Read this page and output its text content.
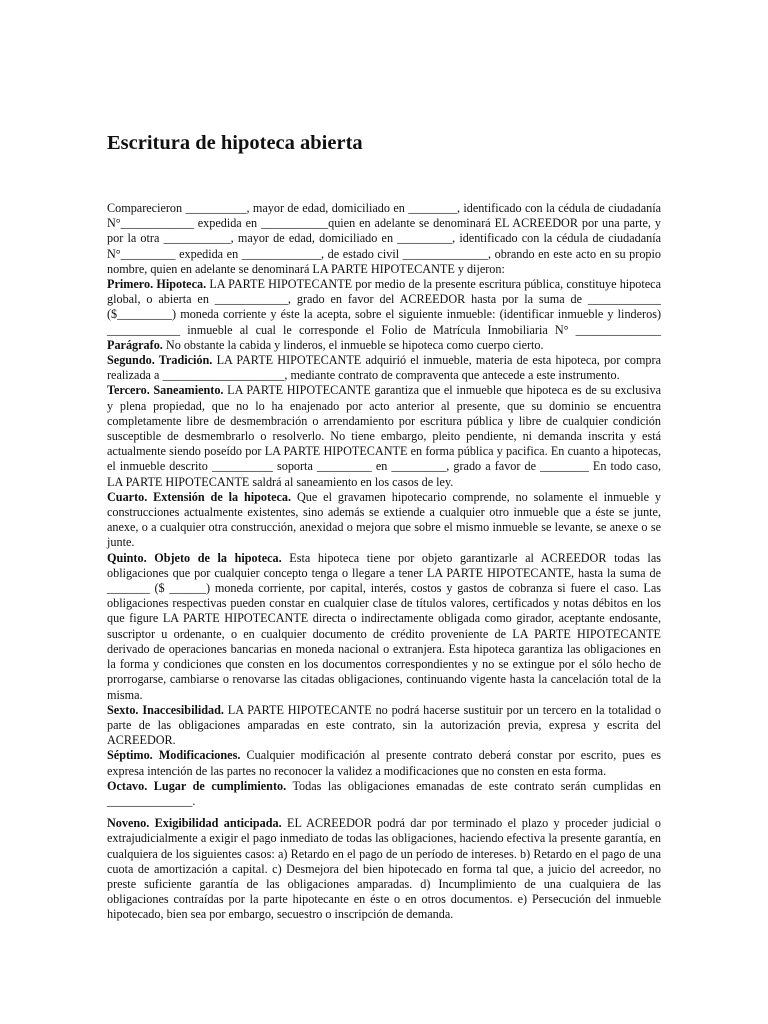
Escritura de hipoteca abierta

Comparecieron __________, mayor de edad, domiciliado en ________, identificado con la cédula de ciudadanía N°____________ expedida en ___________quien en adelante se denominará EL ACREEDOR por una parte, y por la otra ___________, mayor de edad, domiciliado en _________, identificado con la cédula de ciudadanía N°_________ expedida en _____________, de estado civil ______________, obrando en este acto en su propio nombre, quien en adelante se denominará LA PARTE HIPOTECANTE y dijeron:

Primero. Hipoteca. LA PARTE HIPOTECANTE por medio de la presente escritura pública, constituye hipoteca global, o abierta en ____________, grado en favor del ACREEDOR hasta por la suma de ____________ ($_________) moneda corriente y éste la acepta, sobre el siguiente inmueble: (identificar inmueble y linderos) ____________ inmueble al cual le corresponde el Folio de Matrícula Inmobiliaria N° ______________ Parágrafo. No obstante la cabida y linderos, el inmueble se hipoteca como cuerpo cierto.

Segundo. Tradición. LA PARTE HIPOTECANTE adquirió el inmueble, materia de esta hipoteca, por compra realizada a ____________________, mediante contrato de compraventa que antecede a este instrumento.

Tercero. Saneamiento. LA PARTE HIPOTECANTE garantiza que el inmueble que hipoteca es de su exclusiva y plena propiedad, que no lo ha enajenado por acto anterior al presente, que su dominio se encuentra completamente libre de desmembración o arrendamiento por escritura pública y libre de cualquier condición susceptible de desmembrarlo o resolverlo. No tiene embargo, pleito pendiente, ni demanda inscrita y está actualmente siendo poseído por LA PARTE HIPOTECANTE en forma pública y pacifica. En cuanto a hipotecas, el inmueble descrito __________ soporta _________ en _________, grado a favor de ________ En todo caso, LA PARTE HIPOTECANTE saldrá al saneamiento en los casos de ley.

Cuarto. Extensión de la hipoteca. Que el gravamen hipotecario comprende, no solamente el inmueble y construcciones actualmente existentes, sino además se extiende a cualquier otro inmueble que a éste se junte, anexe, o a cualquier otra construcción, anexidad o mejora que sobre el mismo inmueble se levante, se anexe o se junte.

Quinto. Objeto de la hipoteca. Esta hipoteca tiene por objeto garantizarle al ACREEDOR todas las obligaciones que por cualquier concepto tenga o llegare a tener LA PARTE HIPOTECANTE, hasta la suma de _______ ($ ______) moneda corriente, por capital, interés, costos y gastos de cobranza si fuere el caso. Las obligaciones respectivas pueden constar en cualquier clase de títulos valores, certificados y notas débitos en los que figure LA PARTE HIPOTECANTE directa o indirectamente obligada como girador, aceptante endosante, suscriptor u ordenante, o en cualquier documento de crédito proveniente de LA PARTE HIPOTECANTE derivado de operaciones bancarias en moneda nacional o extranjera. Esta hipoteca garantiza las obligaciones en la forma y condiciones que consten en los documentos correspondientes y no se extingue por el sólo hecho de prorrogarse, cambiarse o renovarse las citadas obligaciones, continuando vigente hasta la cancelación total de la misma.

Sexto. Inaccesibilidad. LA PARTE HIPOTECANTE no podrá hacerse sustituir por un tercero en la totalidad o parte de las obligaciones amparadas en este contrato, sin la autorización previa, expresa y escrita del ACREEDOR.

Séptimo. Modificaciones. Cualquier modificación al presente contrato deberá constar por escrito, pues es expresa intención de las partes no reconocer la validez a modificaciones que no consten en esta forma.

Octavo. Lugar de cumplimiento. Todas las obligaciones emanadas de este contrato serán cumplidas en ______________.

Noveno. Exigibilidad anticipada. EL ACREEDOR podrá dar por terminado el plazo y proceder judicial o extrajudicialmente a exigir el pago inmediato de todas las obligaciones, haciendo efectiva la presente garantía, en cualquiera de los siguientes casos: a) Retardo en el pago de un período de intereses. b) Retardo en el pago de una cuota de amortización a capital. c) Desmejora del bien hipotecado en forma tal que, a juicio del acreedor, no preste suficiente garantía de las obligaciones amparadas. d) Incumplimiento de una cualquiera de las obligaciones contraídas por la parte hipotecante en éste o en otros documentos. e) Persecución del inmueble hipotecado, bien sea por embargo, secuestro o inscripción de demanda.
